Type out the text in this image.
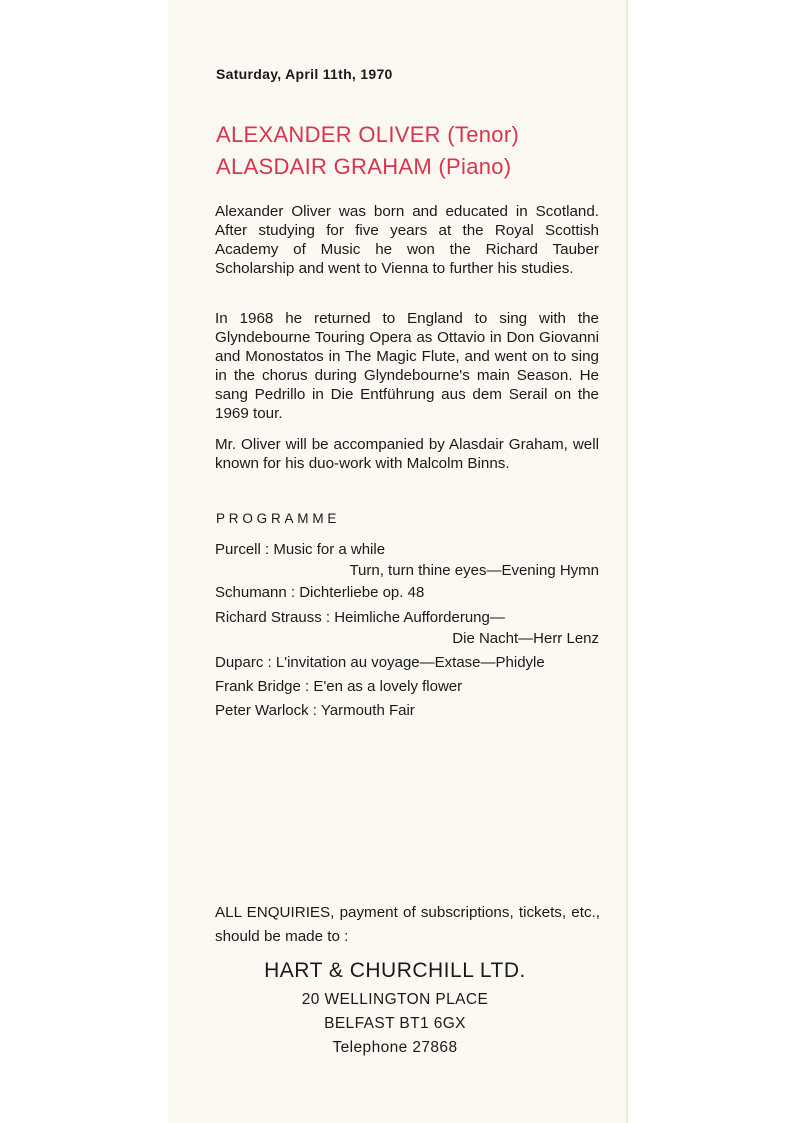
Saturday, April 11th, 1970
ALEXANDER OLIVER (Tenor)
ALASDAIR GRAHAM (Piano)

Alexander Oliver was born and educated in Scotland. After studying for five years at the Royal Scottish Academy of Music he won the Richard Tauber Scholarship and went to Vienna to further his studies.

In 1968 he returned to England to sing with the Glyndebourne Touring Opera as Ottavio in Don Giovanni and Monostatos in The Magic Flute, and went on to sing in the chorus during Glyndebourne's main Season. He sang Pedrillo in Die Entführung aus dem Serail on the 1969 tour.

Mr. Oliver will be accompanied by Alasdair Graham, well known for his duo-work with Malcolm Binns.

PROGRAMME
Purcell : Music for a while
Turn, turn thine eyes—Evening Hymn
Schumann : Dichterliebe op. 48
Richard Strauss : Heimliche Aufforderung—
Die Nacht—Herr Lenz
Duparc : L'invitation au voyage—Extase—Phidyle
Frank Bridge : E'en as a lovely flower
Peter Warlock : Yarmouth Fair

ALL ENQUIRIES, payment of subscriptions, tickets, etc., should be made to :

HART & CHURCHILL LTD.
20 WELLINGTON PLACE
BELFAST BT1 6GX
Telephone 27868
